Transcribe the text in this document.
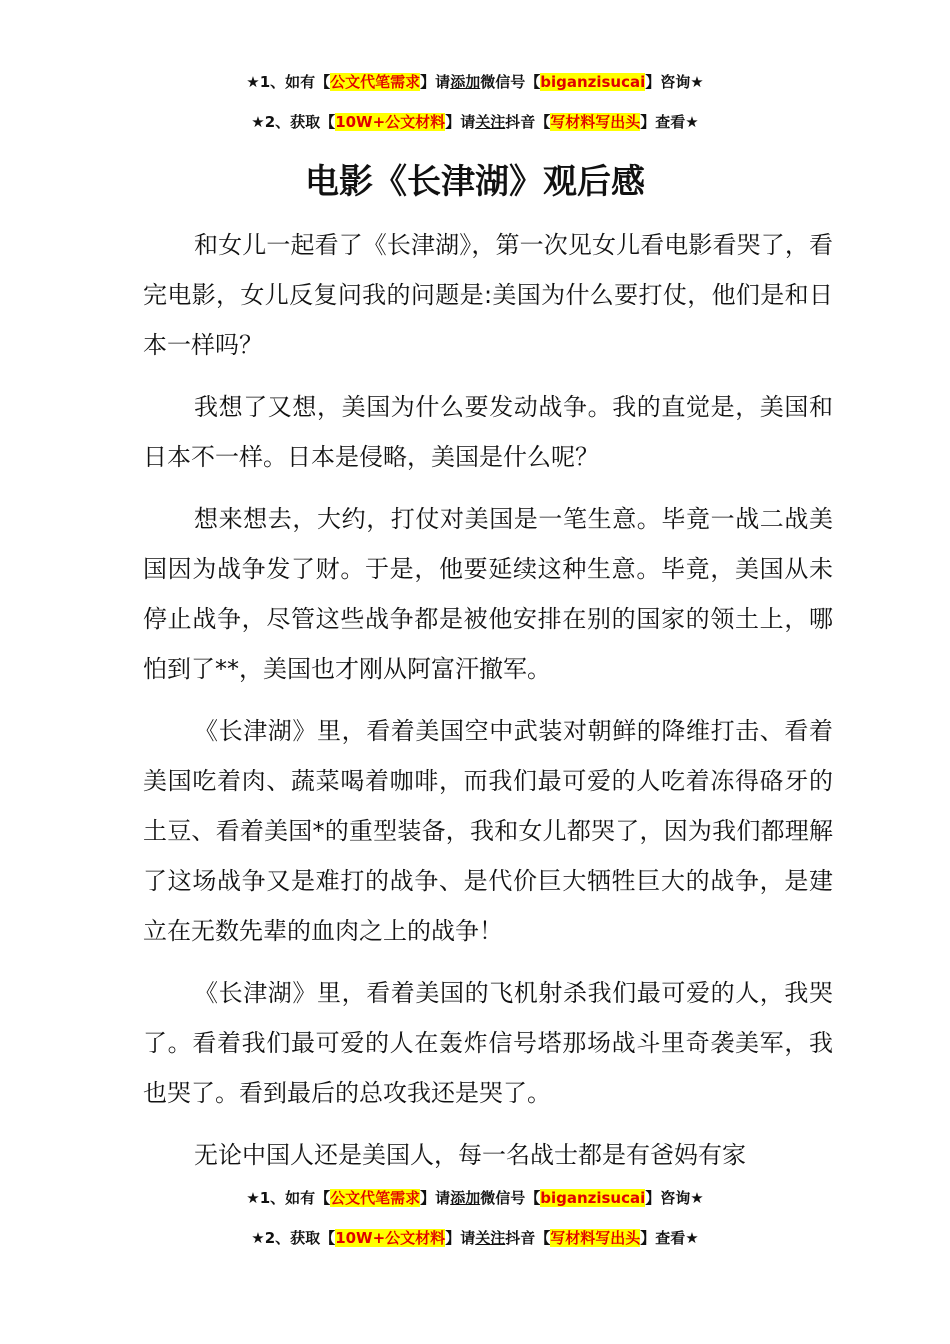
★1、如有【公文代笔需求】请添加微信号【biganzisucai】咨询★
★2、获取【10W+公文材料】请关注抖音【写材料写出头】查看★
电影《长津湖》观后感

和女儿一起看了《长津湖》，第一次见女儿看电影看哭了，看完电影，女儿反复问我的问题是:美国为什么要打仗，他们是和日本一样吗？

我想了又想，美国为什么要发动战争。我的直觉是，美国和日本不一样。日本是侵略，美国是什么呢？

想来想去，大约，打仗对美国是一笔生意。毕竟一战二战美国因为战争发了财。于是，他要延续这种生意。毕竟，美国从未停止战争，尽管这些战争都是被他安排在别的国家的领土上，哪怕到了**，美国也才刚从阿富汗撤军。

《长津湖》里，看着美国空中武装对朝鲜的降维打击、看着美国吃着肉、蔬菜喝着咖啡，而我们最可爱的人吃着冻得硌牙的土豆、看着美国*的重型装备，我和女儿都哭了，因为我们都理解了这场战争又是难打的战争、是代价巨大牺牲巨大的战争，是建立在无数先辈的血肉之上的战争！

《长津湖》里，看着美国的飞机射杀我们最可爱的人，我哭了。看着我们最可爱的人在轰炸信号塔那场战斗里奇袭美军，我也哭了。看到最后的总攻我还是哭了。

无论中国人还是美国人，每一名战士都是有爸妈有家

★1、如有【公文代笔需求】请添加微信号【biganzisucai】咨询★
★2、获取【10W+公文材料】请关注抖音【写材料写出头】查看★
